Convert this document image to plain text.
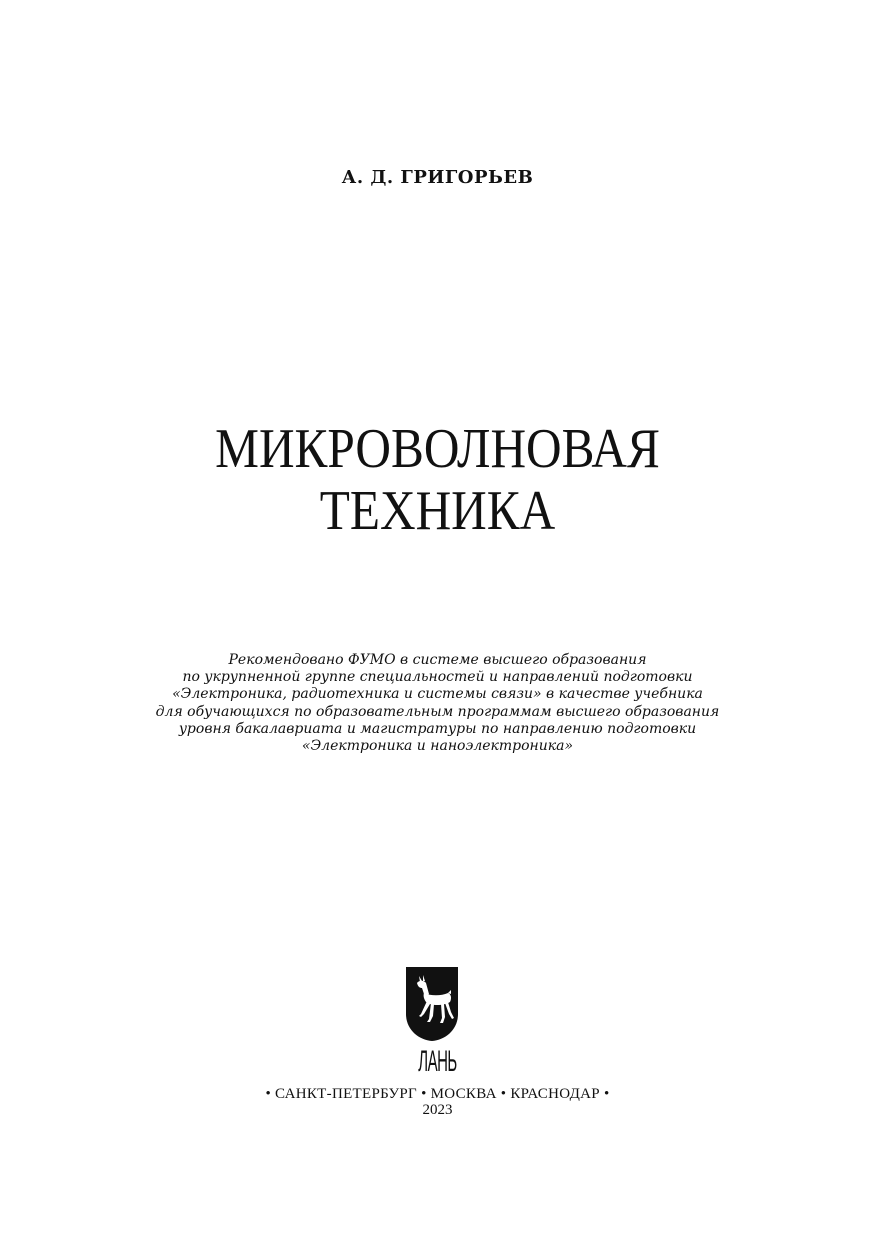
А. Д. ГРИГОРЬЕВ
МИКРОВОЛНОВАЯ
ТЕХНИКА
Рекомендовано ФУМО в системе высшего образования
по укрупненной группе специальностей и направлений подготовки
«Электроника, радиотехника и системы связи» в качестве учебника
для обучающихся по образовательным программам высшего образования
уровня бакалавриата и магистратуры по направлению подготовки
«Электроника и наноэлектроника»
ЛАНЬ
• САНКТ-ПЕТЕРБУРГ • МОСКВА • КРАСНОДАР •
2023
